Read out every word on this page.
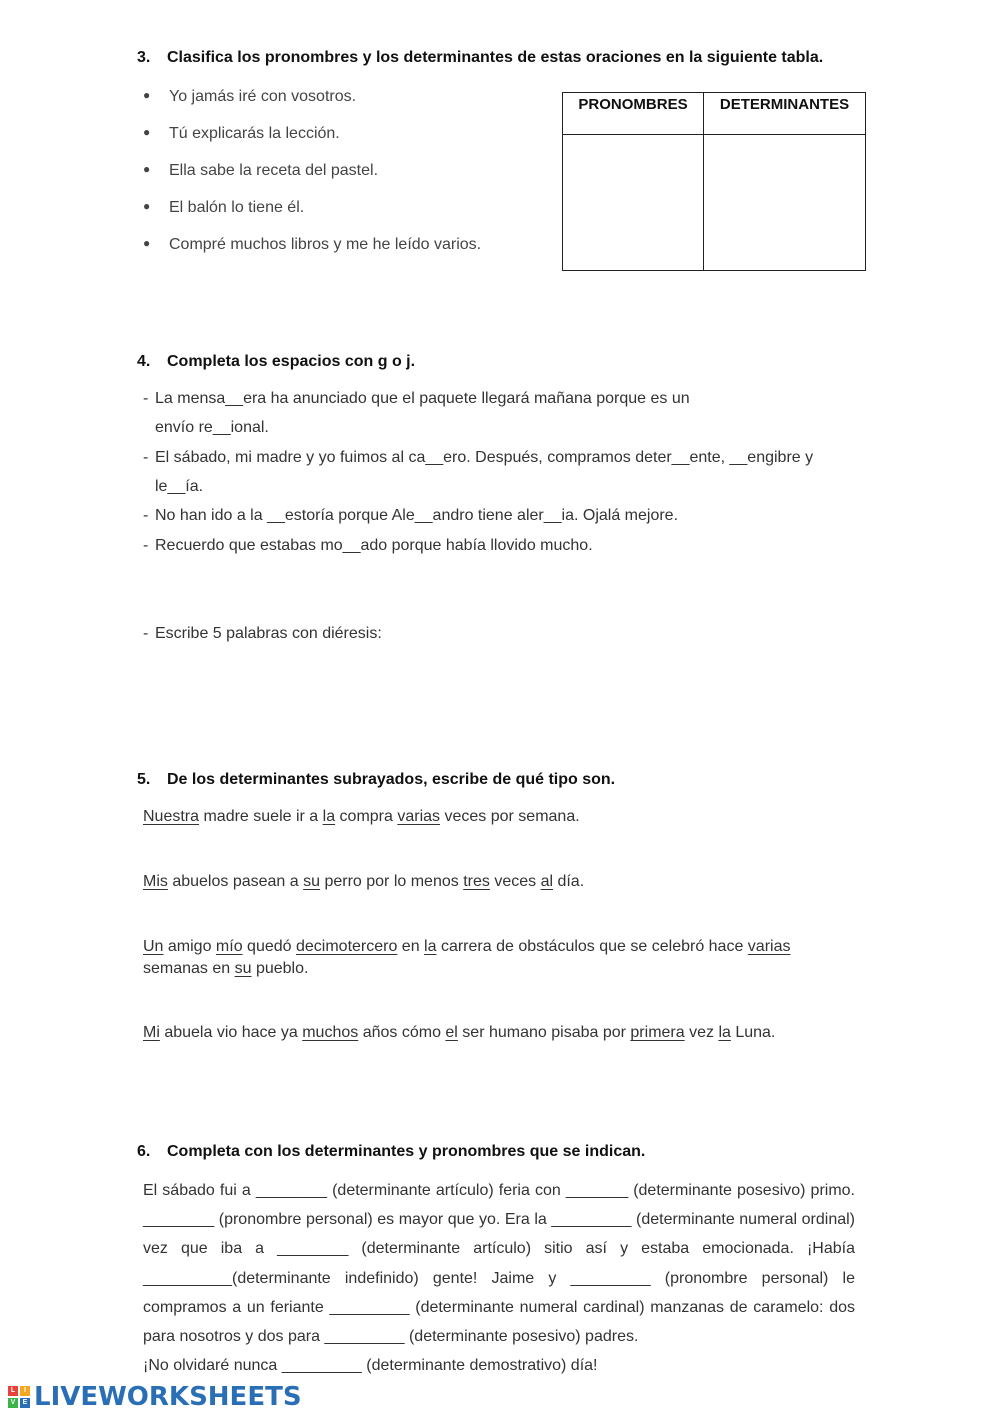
3. Clasifica los pronombres y los determinantes de estas oraciones en la siguiente tabla.
● Yo jamás iré con vosotros.
● Tú explicarás la lección.
● Ella sabe la receta del pastel.
● El balón lo tiene él.
● Compré muchos libros y me he leído varios.
PRONOMBRES	DETERMINANTES

4. Completa los espacios con g o j.
- La mensa__era ha anunciado que el paquete llegará mañana porque es un
envío re__ional.
- El sábado, mi madre y yo fuimos al ca__ero. Después, compramos deter__ente, __engibre y
le__ía.
- No han ido a la __estoría porque Ale__andro tiene aler__ia. Ojalá mejore.
- Recuerdo que estabas mo__ado porque había llovido mucho.
- Escribe 5 palabras con diéresis:
5. De los determinantes subrayados, escribe de qué tipo son.
Nuestra madre suele ir a la compra varias veces por semana.
Mis abuelos pasean a su perro por lo menos tres veces al día.
Un amigo mío quedó decimotercero en la carrera de obstáculos que se celebró hace varias
semanas en su pueblo.
Mi abuela vio hace ya muchos años cómo el ser humano pisaba por primera vez la Luna.
6. Completa con los determinantes y pronombres que se indican.
El sábado fui a ________ (determinante artículo) feria con _______ (determinante posesivo) primo. ________ (pronombre personal) es mayor que yo. Era la _________ (determinante numeral ordinal) vez que iba a ________ (determinante artículo) sitio así y estaba emocionada. ¡Había __________(determinante indefinido) gente! Jaime y _________ (pronombre personal) le compramos a un feriante _________ (determinante numeral cardinal) manzanas de caramelo: dos para nosotros y dos para _________ (determinante posesivo) padres.

¡No olvidaré nunca _________ (determinante demostrativo) día!

L	I
V	E LIVEWORKSHEETS
